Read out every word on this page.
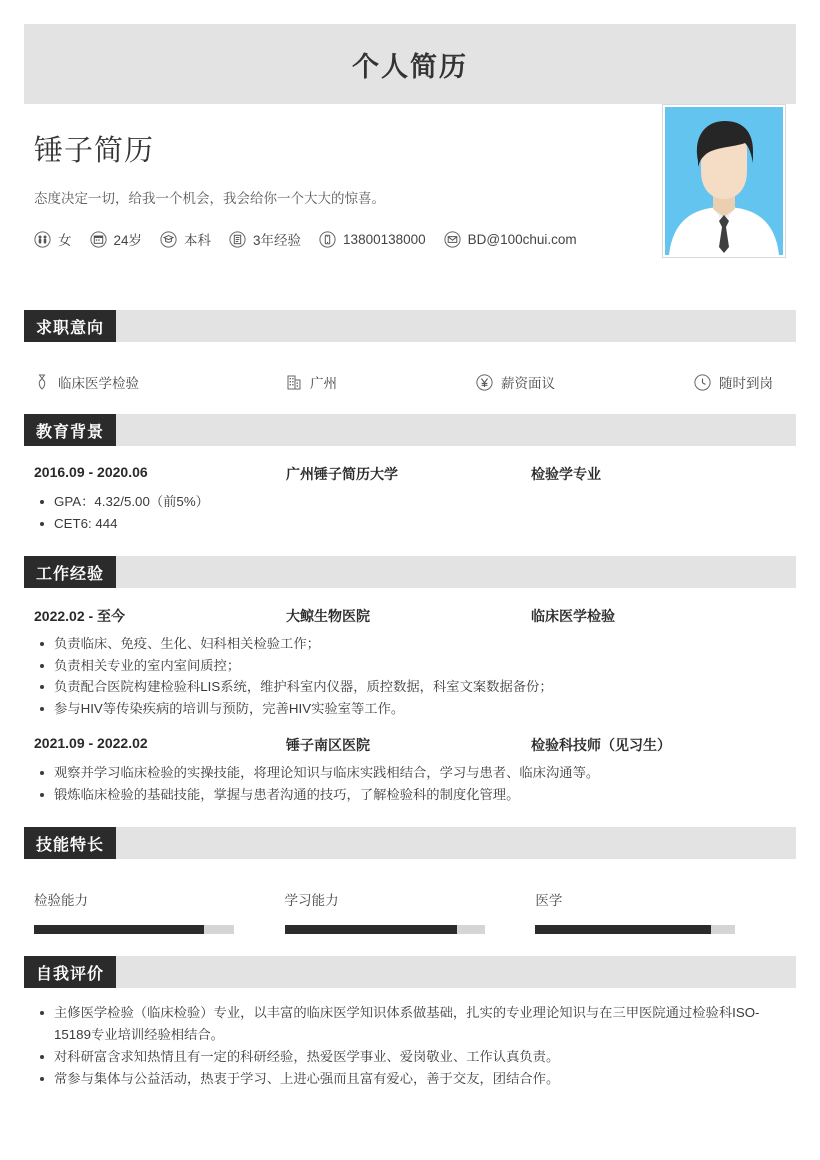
个人简历
锤子简历
态度决定一切，给我一个机会，我会给你一个大大的惊喜。
女	24岁	本科	3年经验	13800138000	BD@100chui.com
求职意向
临床医学检验	广州	薪资面议	随时到岗
教育背景
2016.09 - 2020.06	广州锤子简历大学	检验学专业
GPA：4.32/5.00（前5%）
CET6: 444
工作经验
2022.02 - 至今	大鲸生物医院	临床医学检验
负责临床、免疫、生化、妇科相关检验工作；
负责相关专业的室内室间质控；
负责配合医院构建检验科LIS系统，维护科室内仪器，质控数据，科室文案数据备份；
参与HIV等传染疾病的培训与预防，完善HIV实验室等工作。
2021.09 - 2022.02	锤子南区医院	检验科技师（见习生）
观察并学习临床检验的实操技能，将理论知识与临床实践相结合，学习与患者、临床沟通等。
锻炼临床检验的基础技能，掌握与患者沟通的技巧，了解检验科的制度化管理。
技能特长
检验能力	学习能力	医学
自我评价
主修医学检验（临床检验）专业，以丰富的临床医学知识体系做基础，扎实的专业理论知识与在三甲医院通过检验科ISO-15189专业培训经验相结合。
对科研富含求知热情且有一定的科研经验，热爱医学事业、爱岗敬业、工作认真负责。
常参与集体与公益活动，热衷于学习、上进心强而且富有爱心，善于交友，团结合作。
